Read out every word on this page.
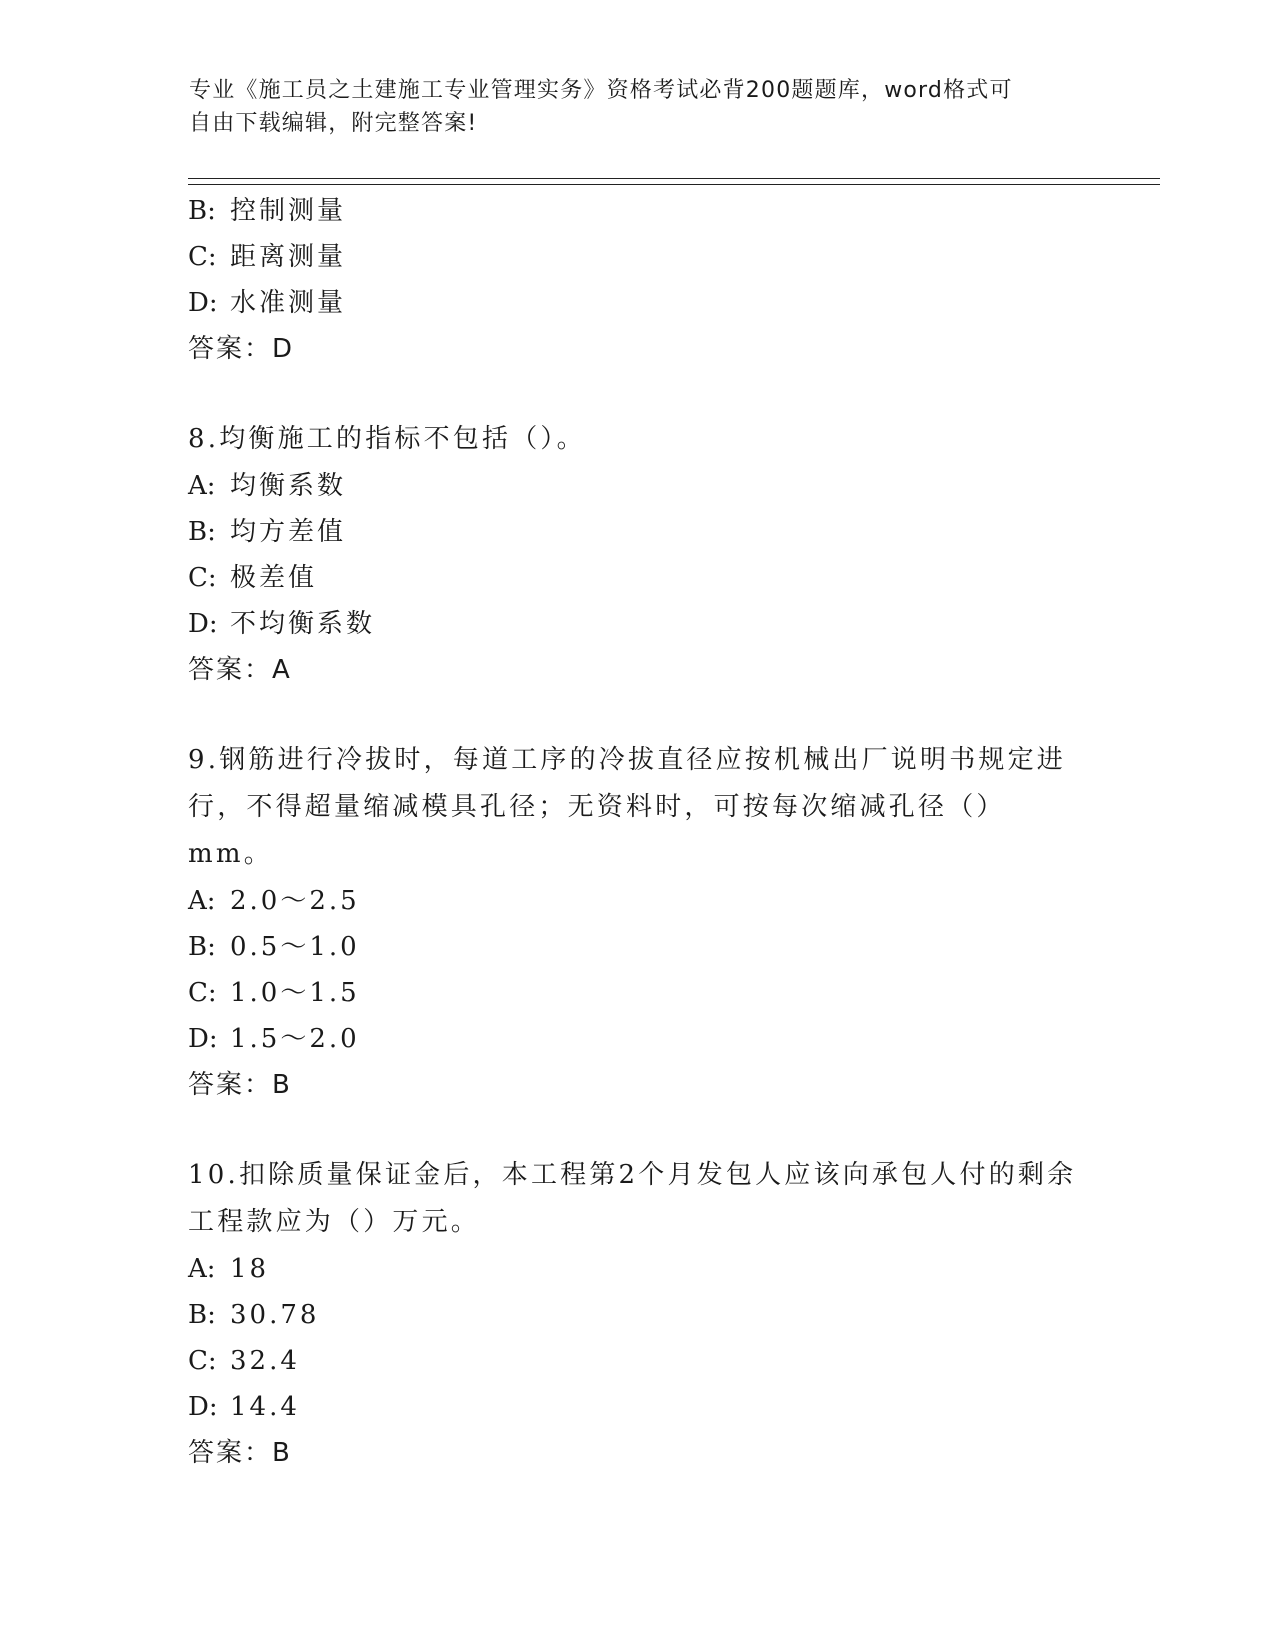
专业《施工员之土建施工专业管理实务》资格考试必背200题题库，word格式可
自由下载编辑，附完整答案!
B: 控制测量
C: 距离测量
D: 水准测量
答案：D
8.均衡施工的指标不包括（）。
A: 均衡系数
B: 均方差值
C: 极差值
D: 不均衡系数
答案：A
9.钢筋进行冷拔时，每道工序的冷拔直径应按机械出厂说明书规定进
行，不得超量缩减模具孔径；无资料时，可按每次缩减孔径（）mm。
A: 2.0～2.5
B: 0.5～1.0
C: 1.0～1.5
D: 1.5～2.0
答案：B
10.扣除质量保证金后，本工程第2个月发包人应该向承包人付的剩余
工程款应为（）万元。
A: 18
B: 30.78
C: 32.4
D: 14.4
答案：B
